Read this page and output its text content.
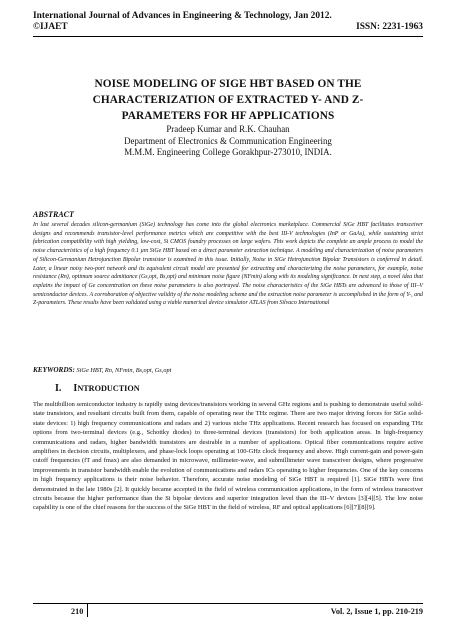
International Journal of Advances in Engineering & Technology, Jan 2012.
©IJAET	ISSN: 2231-1963
NOISE MODELING OF SIGE HBT BASED ON THE
CHARACTERIZATION OF EXTRACTED Y- AND Z-
PARAMETERS FOR HF APPLICATIONS
Pradeep Kumar and R.K. Chauhan
Department of Electronics & Communication Engineering
M.M.M. Engineering College Gorakhpur-273010, INDIA.
ABSTRACT

In last several decades silicon-germanium (SiGe) technology has come into the global electronics marketplace. Commercial SiGe HBT facilitates transceiver designs and recommends transistor-level performance metrics which are competitive with the best III-V technologies (InP or GaAs), while sustaining strict fabrication compatibility with high yielding, low-cost, Si CMOS foundry processes on large wafers. This work depicts the complete an ample process to model the noise characteristics of a high frequency 0.1 µm SiGe HBT based on a direct parameter extraction technique. A modeling and characterization of noise parameters of Silicon-Germanium Hetrojunction Bipolar transistor is examined in this issue. Initially, Noise in SiGe Hetrojunction Bipolar Transistors is conferred in detail. Later, a linear noisy two-port network and its equivalent circuit model are presented for extracting and characterizing the noise parameters, for example, noise resistance (Rn), optimum source admittance (Gs,opt, Bs,opt) and minimum noise figure (NFmin) along with its modeling significance. In next step, a novel idea that explains the impact of Ge concentration on these noise parameters is also portrayed. The noise characteristics of the SiGe HBTs are advanced to those of III–V semiconductor devices. A corroboration of objective validity of the noise modeling scheme and the extraction noise parameter is accomplished in the form of Y-, and Z-parameters. These results have been validated using a viable numerical device simulator ATLAS from Silvaco International

KEYWORDS: SiGe HBT, Rn, NFmin, Bs,opt, Gs,opt
I. INTRODUCTION

The multibillion semiconductor industry is rapidly using devices/transistors working in several GHz regions and is pushing to demonstrate useful solid-state transistors, and resultant circuits built from them, capable of operating near the THz regime. There are two major driving forces for SiGe solid-state devices: 1) high frequency communications and radars and 2) various niche THz applications. Recent research has focused on expanding THz options from two-terminal devices (e.g., Schottky diodes) to three-terminal devices (transistors) for both application areas. In high-frequency communications and radars, higher bandwidth transistors are desirable in a number of applications. Optical fiber communications require active amplifiers in decision circuits, multiplexers, and phase-lock loops operating at 100-GHz clock frequency and above. High current-gain and power-gain cutoff frequencies (fT and fmax) are also demanded in microwave, millimeter-wave, and submillimeter wave transceiver designs, where progressive improvements in transistor bandwidth enable the evolution of communications and radars ICs operating to higher frequencies. One of the key concerns in high frequency applications is their noise behavior. Therefore, accurate noise modeling of SiGe HBT is required [1]. SiGe HBTs were first demonstrated in the late 1980s [2]. It quickly became accepted in the field of wireless communication applications, in the form of wireless transceiver circuits because the higher performance than the Si bipolar devices and superior integration level than the III–V devices [3][4][5]. The low noise capability is one of the chief reasons for the success of the SiGe HBT in the field of wireless, RF and optical applications [6][7][8][9].

210	Vol. 2, Issue 1, pp. 210-219
